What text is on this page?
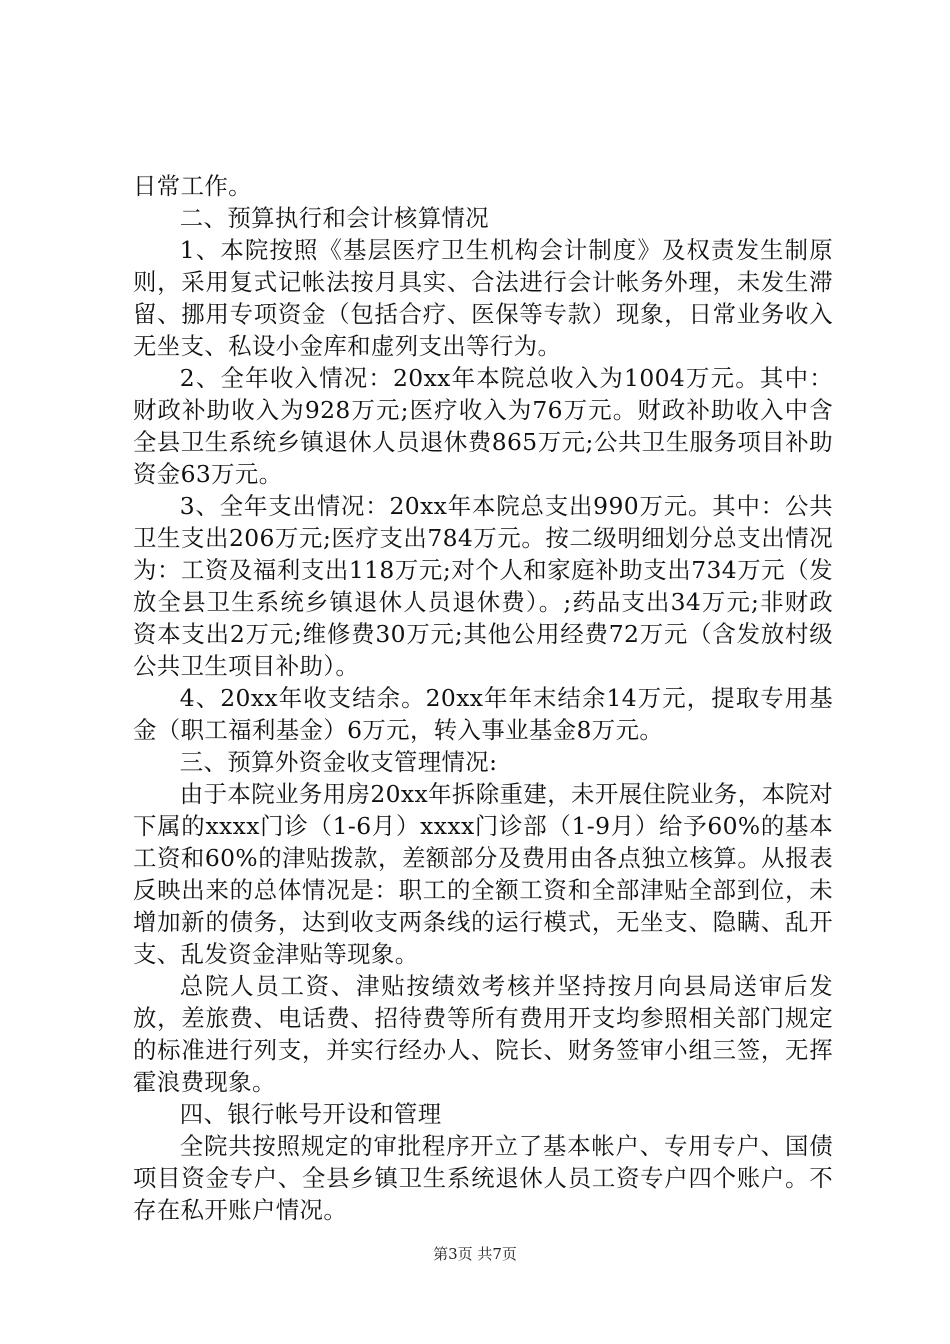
日常工作。

二、预算执行和会计核算情况

1、本院按照《基层医疗卫生机构会计制度》及权责发生制原则，采用复式记帐法按月具实、合法进行会计帐务外理，未发生滞留、挪用专项资金（包括合疗、医保等专款）现象，日常业务收入无坐支、私设小金库和虚列支出等行为。

2、全年收入情况：20xx年本院总收入为1004万元。其中：财政补助收入为928万元;医疗收入为76万元。财政补助收入中含全县卫生系统乡镇退休人员退休费865万元;公共卫生服务项目补助资金63万元。

3、全年支出情况：20xx年本院总支出990万元。其中：公共卫生支出206万元;医疗支出784万元。按二级明细划分总支出情况为：工资及福利支出118万元;对个人和家庭补助支出734万元（发放全县卫生系统乡镇退休人员退休费）。;药品支出34万元;非财政资本支出2万元;维修费30万元;其他公用经费72万元（含发放村级公共卫生项目补助）。

4、20xx年收支结余。20xx年年末结余14万元，提取专用基金（职工福利基金）6万元，转入事业基金8万元。

三、预算外资金收支管理情况:

由于本院业务用房20xx年拆除重建，未开展住院业务，本院对下属的xxxx门诊（1-6月）xxxx门诊部（1-9月）给予60%的基本工资和60%的津贴拨款，差额部分及费用由各点独立核算。从报表反映出来的总体情况是：职工的全额工资和全部津贴全部到位，未增加新的债务，达到收支两条线的运行模式，无坐支、隐瞒、乱开支、乱发资金津贴等现象。

总院人员工资、津贴按绩效考核并坚持按月向县局送审后发放，差旅费、电话费、招待费等所有费用开支均参照相关部门规定的标准进行列支，并实行经办人、院长、财务签审小组三签，无挥霍浪费现象。

四、银行帐号开设和管理

全院共按照规定的审批程序开立了基本帐户、专用专户、国债项目资金专户、全县乡镇卫生系统退休人员工资专户四个账户。不存在私开账户情况。

第3页 共7页
